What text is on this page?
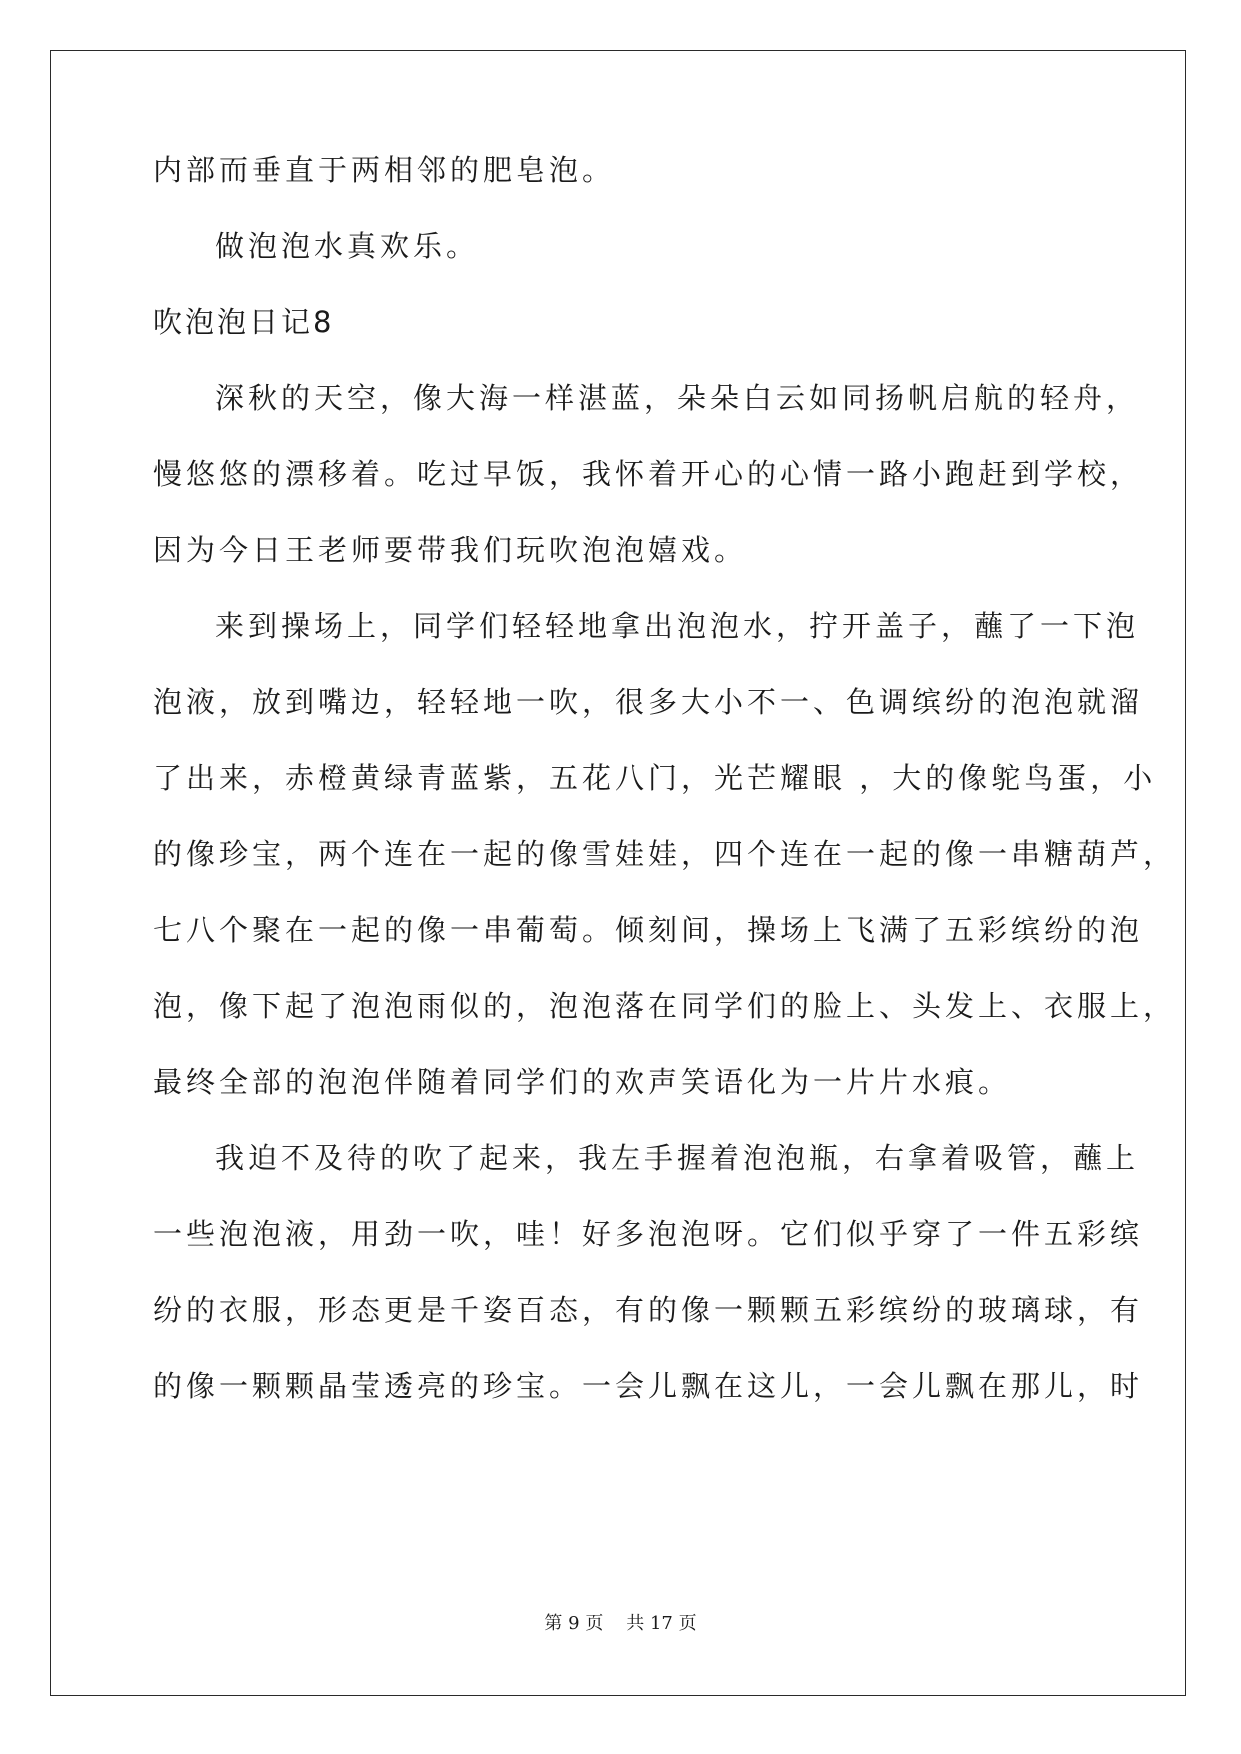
内部而垂直于两相邻的肥皂泡。
做泡泡水真欢乐。
吹泡泡日记8
深秋的天空，像大海一样湛蓝，朵朵白云如同扬帆启航的轻舟，
慢悠悠的漂移着。吃过早饭，我怀着开心的心情一路小跑赶到学校，
因为今日王老师要带我们玩吹泡泡嬉戏。
来到操场上，同学们轻轻地拿出泡泡水，拧开盖子，蘸了一下泡
泡液，放到嘴边，轻轻地一吹，很多大小不一、色调缤纷的泡泡就溜
了出来，赤橙黄绿青蓝紫，五花八门，光芒耀眼 ，大的像鸵鸟蛋，小
的像珍宝，两个连在一起的像雪娃娃，四个连在一起的像一串糖葫芦，
七八个聚在一起的像一串葡萄。倾刻间，操场上飞满了五彩缤纷的泡
泡，像下起了泡泡雨似的，泡泡落在同学们的脸上、头发上、衣服上，
最终全部的泡泡伴随着同学们的欢声笑语化为一片片水痕。
我迫不及待的吹了起来，我左手握着泡泡瓶，右拿着吸管，蘸上
一些泡泡液，用劲一吹，哇！好多泡泡呀。它们似乎穿了一件五彩缤
纷的衣服，形态更是千姿百态，有的像一颗颗五彩缤纷的玻璃球，有
的像一颗颗晶莹透亮的珍宝。一会儿飘在这儿，一会儿飘在那儿，时
第 9 页 共 17 页
